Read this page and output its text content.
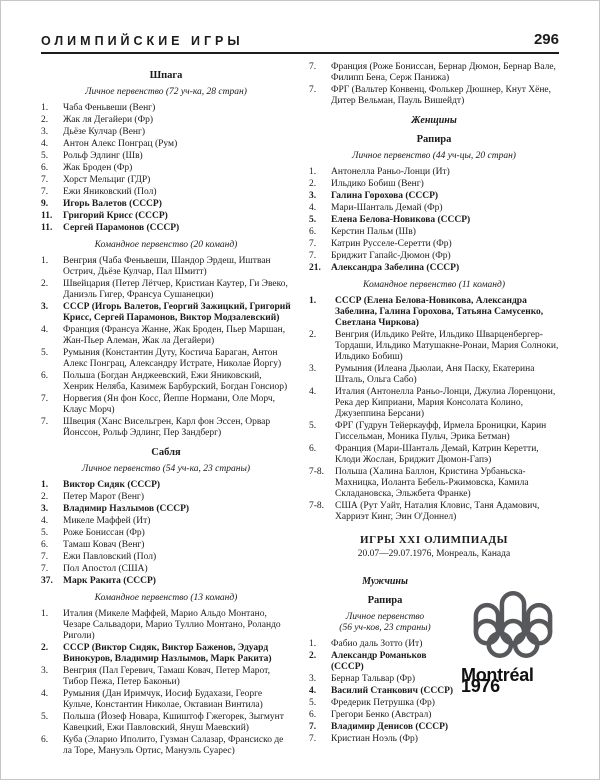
ОЛИМПИЙСКИЕ ИГРЫ	296
Шпага
Личное первенство (72 уч-ка, 28 стран)
1.	Чаба Феньвеши (Венг)
2.	Жак ля Дегайери (Фр)
3.	Дьёзе Кулчар (Венг)
4.	Антон Алекс Понграц (Рум)
5.	Рольф Эдлинг (Шв)
6.	Жак Броден (Фр)
7.	Хорст Мельциг (ГДР)
7.	Ежи Яниковский (Пол)
9.	Игорь Валетов (СССР)
11.	Григорий Крисс (СССР)
11.	Сергей Парамонов (СССР)
Командное первенство (20 команд)
1.	Венгрия (Чаба Феньвеши, Шандор Эрдеш, Иштван Острич, Дьёзе Кулчар, Пал Шмитт)
2.	Швейцария (Петер Лётчер, Кристиан Каутер, Ги Эвеко, Даниэль Гигер, Франсуа Сушанецки)
3.	СССР (Игорь Валетов, Георгий Зажицкий, Григорий Крисс, Сергей Парамонов, Виктор Модзалевский)
4.	Франция (Франсуа Жанне, Жак Броден, Пьер Маршан, Жан-Пьер Алеман, Жак ла Дегайери)
5.	Румыния (Константин Дуту, Костича Бараган, Антон Алекс Понграц, Александру Истрате, Николае Йоргу)
6.	Польша (Богдан Анджеевский, Ежи Яниковский, Хенрик Неляба, Казимеж Барбурский, Богдан Гонсиор)
7.	Норвегия (Ян фон Косс, Йеппе Нормани, Оле Морч, Клаус Морч)
7.	Швеция (Ханс Висельгрен, Карл фон Эссен, Орвар Йонссон, Рольф Эдлинг, Пер Зандберг)
Сабля
Личное первенство (54 уч-ка, 23 страны)
1.	Виктор Сидяк (СССР)
2.	Петер Марот (Венг)
3.	Владимир Назлымов (СССР)
4.	Микеле Маффей (Ит)
5.	Роже Бониссан (Фр)
6.	Тамаш Ковач (Венг)
7.	Ежи Павловский (Пол)
7.	Пол Апостол (США)
37.	Марк Ракита (СССР)
Командное первенство (13 команд)
1.	Италия (Микеле Маффей, Марио Альдо Монтано, Чезаре Сальвадори, Марио Туллио Монтано, Роландо Риголи)
2.	СССР (Виктор Сидяк, Виктор Баженов, Эдуард Винокуров, Владимир Назлымов, Марк Ракита)
3.	Венгрия (Пал Геревич, Тамаш Ковач, Петер Марот, Тибор Пежа, Петер Баконьи)
4.	Румыния (Дан Иримчук, Иосиф Будахази, Георге Кульче, Константин Николае, Октавиан Винтила)
5.	Польша (Йозеф Новара, Кшиштоф Гжегорек, Зыгмунт Кавецкий, Ежи Павловский, Януш Маевский)
6.	Куба (Эларио Иполито, Гузман Салазар, Франсиско де ла Торе, Мануэль Ортис, Мануэль Суарес)
7.	Франция (Роже Бониссан, Бернар Дюмон, Бернар Вале, Филипп Бена, Серж Панижа)
7.	ФРГ (Вальтер Конвенц, Фолькер Дюшнер, Кнут Хёне, Дитер Вельман, Пауль Вишейдт)
Женщины
Рапира
Личное первенство (44 уч-цы, 20 стран)
1.	Антонелла Раньо-Лонци (Ит)
2.	Ильдико Бобиш (Венг)
3.	Галина Горохова (СССР)
4.	Мари-Шанталь Демай (Фр)
5.	Елена Белова-Новикова (СССР)
6.	Керстин Пальм (Шв)
7.	Катрин Русселе-Серетти (Фр)
7.	Бриджит Гапайс-Дюмон (Фр)
21.	Александра Забелина (СССР)
Командное первенство (11 команд)
1.	СССР (Елена Белова-Новикова, Александра Забелина, Галина Горохова, Татьяна Самусенко, Светлана Чиркова)
2.	Венгрия (Ильдико Рейте, Ильдико Шварценбергер-Тордаши, Ильдико Матушакне-Ронаи, Мария Солноки, Ильдико Бобиш)
3.	Румыния (Илеана Дьюлаи, Аня Паску, Екатерина Шталь, Ольга Сабо)
4.	Италия (Антонелла Раньо-Лонци, Джулиа Лоренцони, Река дер Киприани, Мария Консолата Колино, Джузеппина Берсани)
5.	ФРГ (Гудрун Тейеркауфф, Ирмела Броницки, Карин Гиссельман, Моника Пульч, Эрика Бетман)
6.	Франция (Мари-Шанталь Демай, Катрин Керетти, Клоди Жослан, Бриджит Дюмон-Гапэ)
7-8.	Польша (Халина Баллон, Кристина Урбаньска-Махницка, Иоланта Бебель-Ржимовска, Камила Складановска, Эльжбета Франке)
7-8.	США (Рут Уайт, Наталия Кловис, Таня Адамович, Харриэт Кинг, Эин О'Доннел)
ИГРЫ XXI ОЛИМПИАДЫ
20.07—29.07.1976, Монреаль, Канада
Мужчины
Рапира
Личное первенство
(56 уч-ков, 23 страны)
1.	Фабио даль Зотто (Ит)
2.	Александр Романьков (СССР)
3.	Бернар Тальвар (Фр)
4.	Василий Станкович (СССР)
5.	Фредерик Петрушка (Фр)
6.	Грегори Бенко (Австрал)
7.	Владимир Денисов (СССР)
7.	Кристиан Ноэль (Фр)
Montréal 1976
